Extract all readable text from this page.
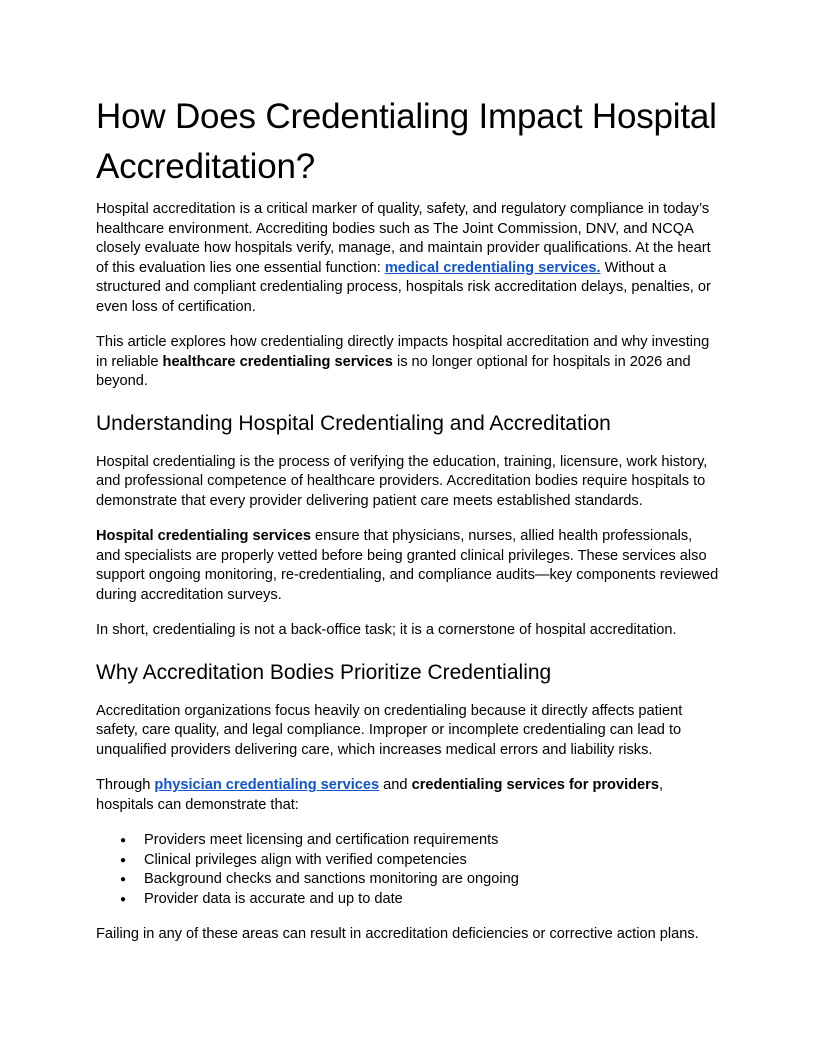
How Does Credentialing Impact Hospital Accreditation?

Hospital accreditation is a critical marker of quality, safety, and regulatory compliance in today’s healthcare environment. Accrediting bodies such as The Joint Commission, DNV, and NCQA closely evaluate how hospitals verify, manage, and maintain provider qualifications. At the heart of this evaluation lies one essential function: medical credentialing services. Without a structured and compliant credentialing process, hospitals risk accreditation delays, penalties, or even loss of certification.

This article explores how credentialing directly impacts hospital accreditation and why investing in reliable healthcare credentialing services is no longer optional for hospitals in 2026 and beyond.

Understanding Hospital Credentialing and Accreditation

Hospital credentialing is the process of verifying the education, training, licensure, work history, and professional competence of healthcare providers. Accreditation bodies require hospitals to demonstrate that every provider delivering patient care meets established standards.

Hospital credentialing services ensure that physicians, nurses, allied health professionals, and specialists are properly vetted before being granted clinical privileges. These services also support ongoing monitoring, re-credentialing, and compliance audits—key components reviewed during accreditation surveys.

In short, credentialing is not a back-office task; it is a cornerstone of hospital accreditation.

Why Accreditation Bodies Prioritize Credentialing

Accreditation organizations focus heavily on credentialing because it directly affects patient safety, care quality, and legal compliance. Improper or incomplete credentialing can lead to unqualified providers delivering care, which increases medical errors and liability risks.

Through physician credentialing services and credentialing services for providers, hospitals can demonstrate that:

● Providers meet licensing and certification requirements
● Clinical privileges align with verified competencies
● Background checks and sanctions monitoring are ongoing
● Provider data is accurate and up to date

Failing in any of these areas can result in accreditation deficiencies or corrective action plans.
